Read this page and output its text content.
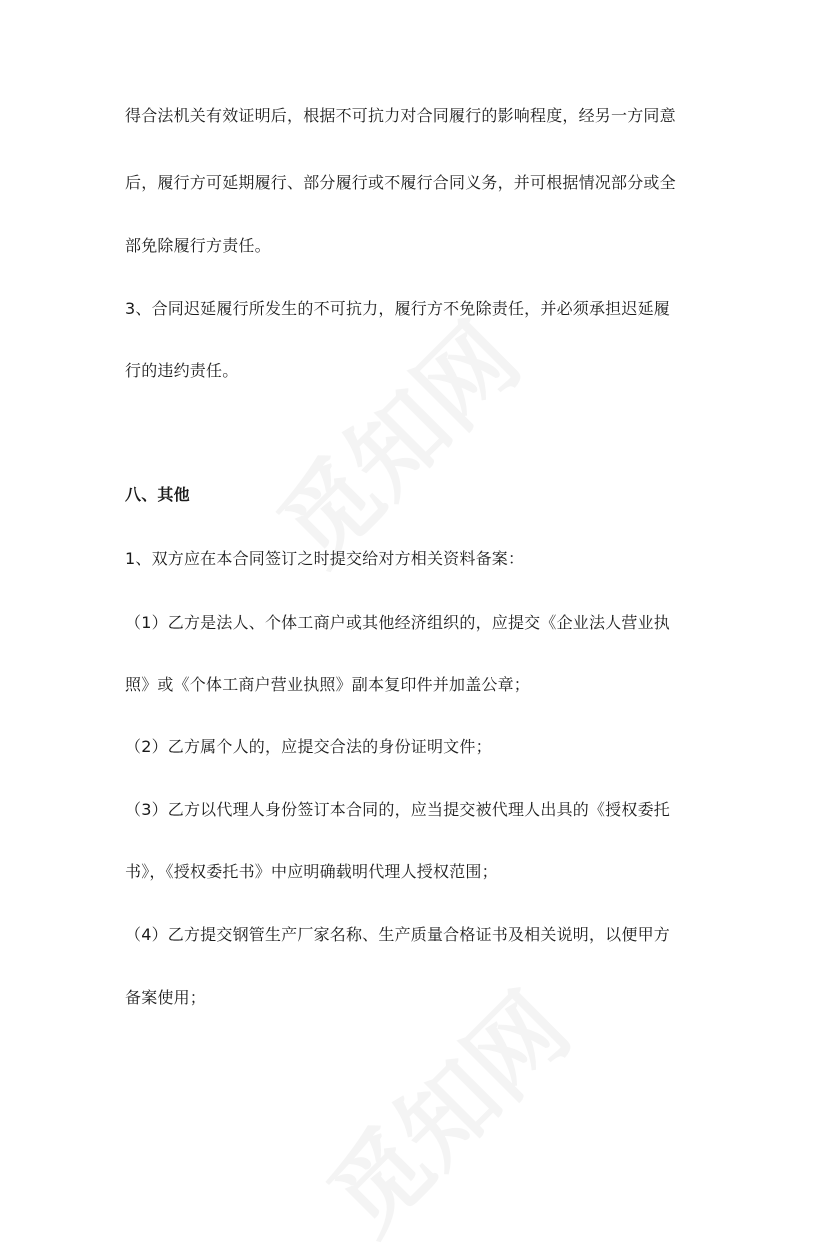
得合法机关有效证明后，根据不可抗力对合同履行的影响程度，经另一方同意
后，履行方可延期履行、部分履行或不履行合同义务，并可根据情况部分或全
部免除履行方责任。
3、合同迟延履行所发生的不可抗力，履行方不免除责任，并必须承担迟延履
行的违约责任。
八、其他
1、双方应在本合同签订之时提交给对方相关资料备案：
（1）乙方是法人、个体工商户或其他经济组织的，应提交《企业法人营业执
照》或《个体工商户营业执照》副本复印件并加盖公章；
（2）乙方属个人的，应提交合法的身份证明文件；
（3）乙方以代理人身份签订本合同的，应当提交被代理人出具的《授权委托
书》，《授权委托书》中应明确载明代理人授权范围；
（4）乙方提交钢管生产厂家名称、生产质量合格证书及相关说明，以便甲方
备案使用；
